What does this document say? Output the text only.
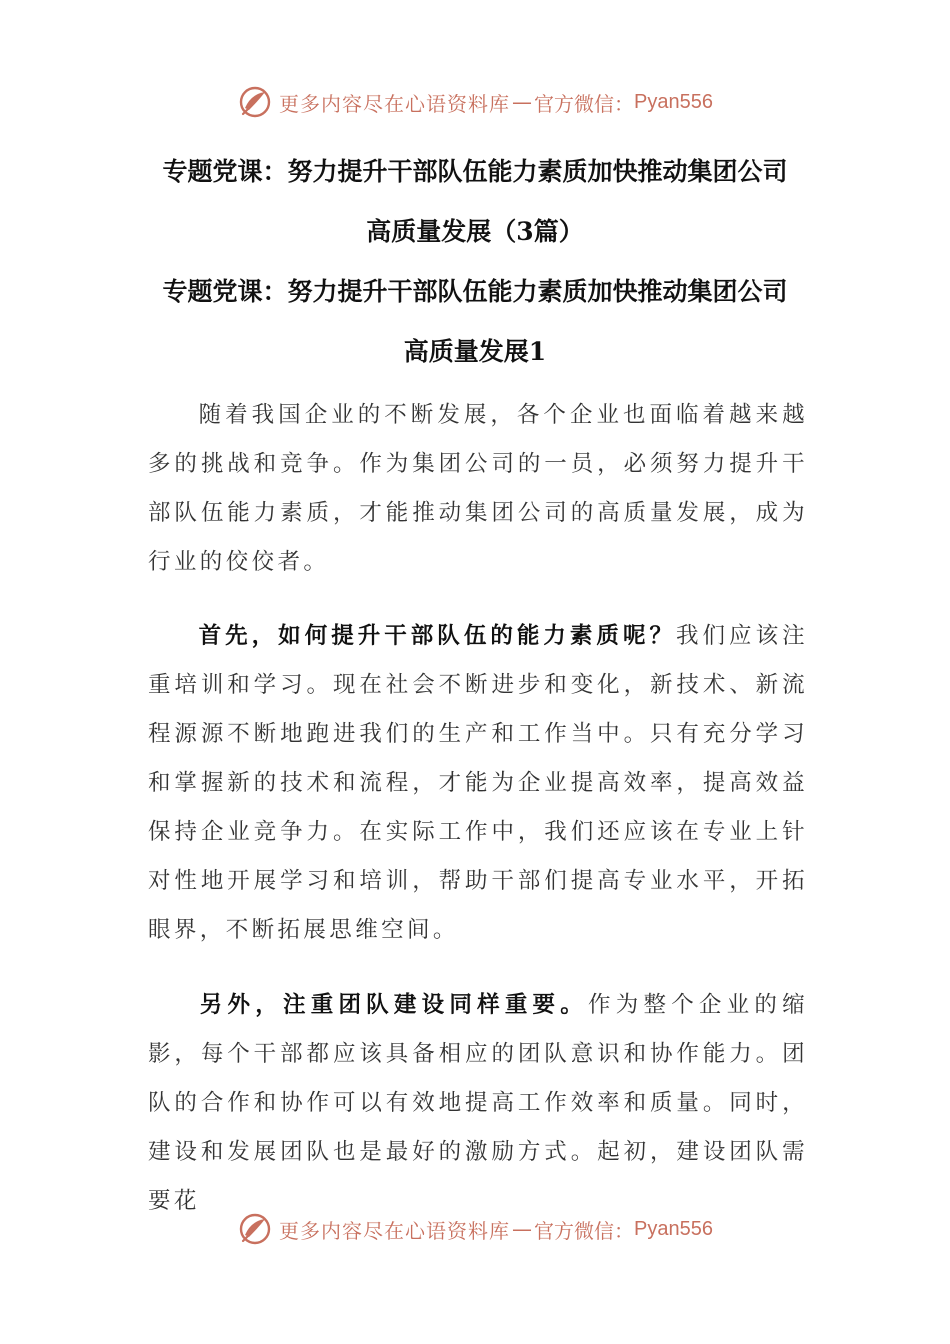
更多内容尽在心语资料库 — 官方微信： Pyan556
专题党课：努力提升干部队伍能力素质加快推动集团公司
高质量发展（3篇）
专题党课：努力提升干部队伍能力素质加快推动集团公司
高质量发展1
随着我国企业的不断发展，各个企业也面临着越来越多的挑战和竞争。作为集团公司的一员，必须努力提升干部队伍能力素质，才能推动集团公司的高质量发展，成为行业的佼佼者。
首先，如何提升干部队伍的能力素质呢？我们应该注重培训和学习。现在社会不断进步和变化，新技术、新流程源源不断地跑进我们的生产和工作当中。只有充分学习和掌握新的技术和流程，才能为企业提高效率，提高效益保持企业竞争力。在实际工作中，我们还应该在专业上针对性地开展学习和培训，帮助干部们提高专业水平，开拓眼界，不断拓展思维空间。
另外，注重团队建设同样重要。作为整个企业的缩影，每个干部都应该具备相应的团队意识和协作能力。团队的合作和协作可以有效地提高工作效率和质量。同时，建设和发展团队也是最好的激励方式。起初，建设团队需要花
更多内容尽在心语资料库 — 官方微信： Pyan556
